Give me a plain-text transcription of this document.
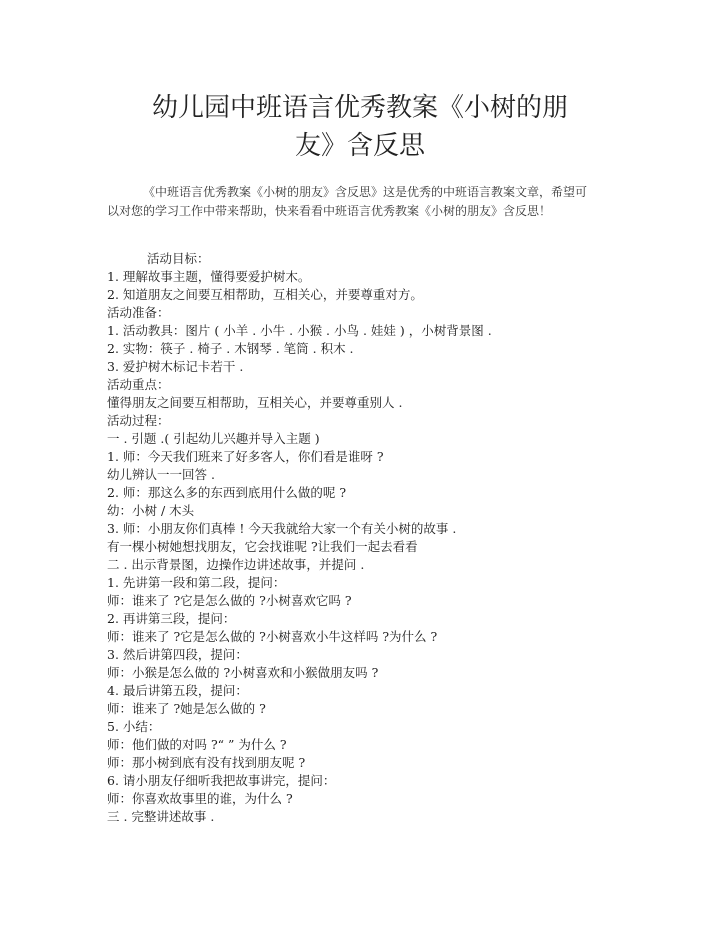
幼儿园中班语言优秀教案《小树的朋
友》含反思

《中班语言优秀教案《小树的朋友》含反思》这是优秀的中班语言教案文章，希望可以对您的学习工作中带来帮助，快来看看中班语言优秀教案《小树的朋友》含反思！

活动目标：
1. 理解故事主题，懂得要爱护树木。
2. 知道朋友之间要互相帮助，互相关心，并要尊重对方。
活动准备：
1. 活动教具：图片 ( 小羊 . 小牛 . 小猴 . 小鸟 . 娃娃 ) ，小树背景图 .
2. 实物：筷子 . 椅子 . 木钢琴 . 笔筒 . 积木 .
3. 爱护树木标记卡若干 .
活动重点：
懂得朋友之间要互相帮助，互相关心，并要尊重别人 .
活动过程：
一 . 引题 .( 引起幼儿兴趣并导入主题 )
1. 师：今天我们班来了好多客人，你们看是谁呀 ?
幼儿辨认一一回答 .
2. 师：那这么多的东西到底用什么做的呢 ?
幼：小树 / 木头
3. 师：小朋友你们真棒 ! 今天我就给大家一个有关小树的故事 .
有一棵小树她想找朋友，它会找谁呢 ?让我们一起去看看
二 . 出示背景图，边操作边讲述故事，并提问 .
1. 先讲第一段和第二段，提问：
师：谁来了 ?它是怎么做的 ?小树喜欢它吗 ?
2. 再讲第三段，提问：
师：谁来了 ?它是怎么做的 ?小树喜欢小牛这样吗 ?为什么 ?
3. 然后讲第四段，提问：
师：小猴是怎么做的 ?小树喜欢和小猴做朋友吗 ?
4. 最后讲第五段，提问：
师：谁来了 ?她是怎么做的 ?
5. 小结：
师：他们做的对吗 ?“ ” 为什么 ?
师：那小树到底有没有找到朋友呢 ?
6. 请小朋友仔细听我把故事讲完，提问：
师：你喜欢故事里的谁，为什么 ?
三 . 完整讲述故事 .
